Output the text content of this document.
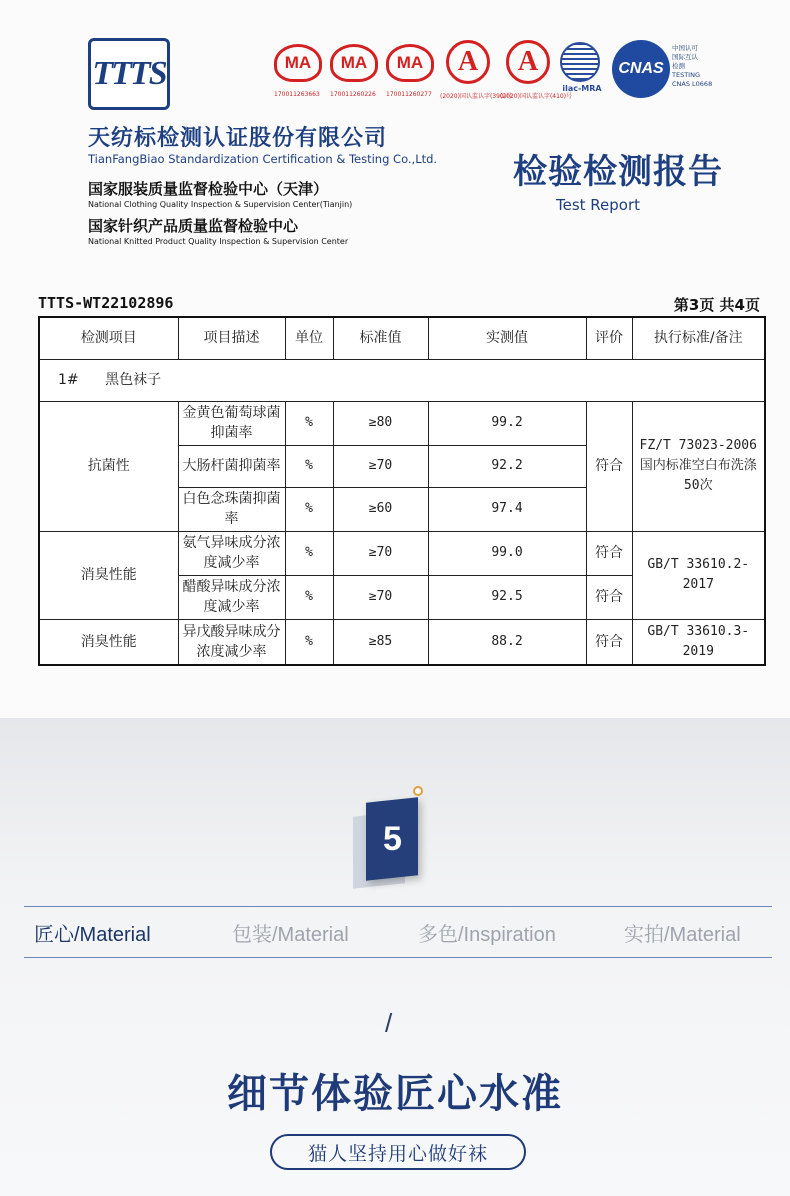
TTTS	MA
170011263663
MA
170011260226
MA
170011260277
A
(2020)国认监认字(390)号
A
(2020)国认监认字(410)号
ilac-MRA
CNAS
中国认可
国际互认
检测
TESTING
CNAS L0668
天纺标检测认证股份有限公司
TianFangBiao Standardization Certification & Testing Co.,Ltd.
国家服装质量监督检验中心（天津）
National Clothing Quality Inspection & Supervision Center(Tianjin)
国家针织产品质量监督检验中心
National Knitted Product Quality Inspection & Supervision Center
检验检测报告
Test Report
TTTS-WT22102896	第3页 共4页
检测项目	项目描述	单位	标准值	实测值	评价	执行标准/备注
1# 黑色袜子						
抗菌性	金黄色葡萄球菌抑菌率	%	≥80	99.2	符合	FZ/T 73023-2006 国内标准空白布洗涤50次
	大肠杆菌抑菌率	%	≥70	92.2		
	白色念珠菌抑菌率	%	≥60	97.4		
消臭性能	氨气异味成分浓度减少率	%	≥70	99.0	符合	GB/T 33610.2-2017
	醋酸异味成分浓度减少率	%	≥70	92.5	符合	
消臭性能	异戊酸异味成分浓度减少率	%	≥85	88.2	符合	GB/T 33610.3-2019
5
匠心/Material	包装/Material	多色/Inspiration	实拍/Material
/
细节体验匠心水准
猫人坚持用心做好袜
